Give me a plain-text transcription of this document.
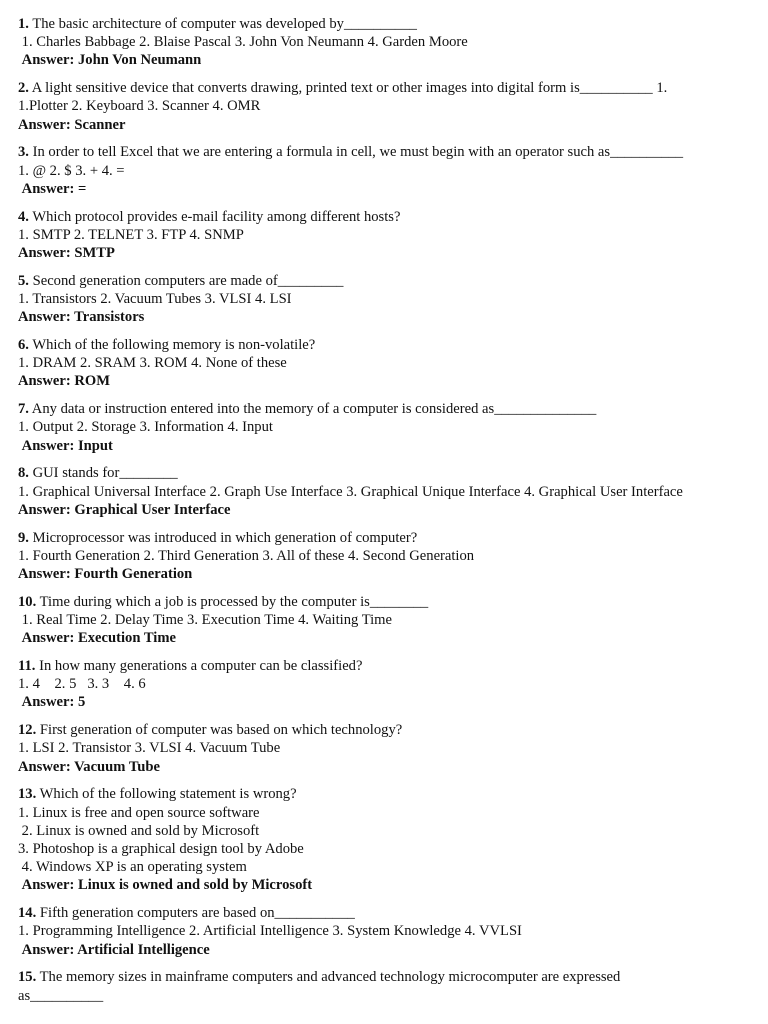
1. The basic architecture of computer was developed by__________
1. Charles Babbage 2. Blaise Pascal 3. John Von Neumann 4. Garden Moore
Answer: John Von Neumann
2. A light sensitive device that converts drawing, printed text or other images into digital form is__________ 1.
1.Plotter 2. Keyboard 3. Scanner 4. OMR
Answer: Scanner
3. In order to tell Excel that we are entering a formula in cell, we must begin with an operator such as__________
1. @ 2. $ 3. + 4. =
Answer: =
4. Which protocol provides e-mail facility among different hosts?
1. SMTP 2. TELNET 3. FTP 4. SNMP
Answer: SMTP
5. Second generation computers are made of_________
1. Transistors 2. Vacuum Tubes 3. VLSI 4. LSI
Answer: Transistors
6. Which of the following memory is non-volatile?
1. DRAM 2. SRAM 3. ROM 4. None of these
Answer: ROM
7. Any data or instruction entered into the memory of a computer is considered as______________
1. Output 2. Storage 3. Information 4. Input
Answer: Input
8. GUI stands for________
1. Graphical Universal Interface 2. Graph Use Interface 3. Graphical Unique Interface 4. Graphical User Interface
Answer: Graphical User Interface
9. Microprocessor was introduced in which generation of computer?
1. Fourth Generation 2. Third Generation 3. All of these 4. Second Generation
Answer: Fourth Generation
10. Time during which a job is processed by the computer is________
1. Real Time 2. Delay Time 3. Execution Time 4. Waiting Time
Answer: Execution Time
11. In how many generations a computer can be classified?
1. 4    2. 5   3. 3    4. 6
Answer: 5
12. First generation of computer was based on which technology?
1. LSI 2. Transistor 3. VLSI 4. Vacuum Tube
Answer: Vacuum Tube
13. Which of the following statement is wrong?
1. Linux is free and open source software
2. Linux is owned and sold by Microsoft
3. Photoshop is a graphical design tool by Adobe
4. Windows XP is an operating system
Answer: Linux is owned and sold by Microsoft
14. Fifth generation computers are based on___________
1. Programming Intelligence 2. Artificial Intelligence 3. System Knowledge 4. VVLSI
Answer: Artificial Intelligence
15. The memory sizes in mainframe computers and advanced technology microcomputer are expressed
as__________
